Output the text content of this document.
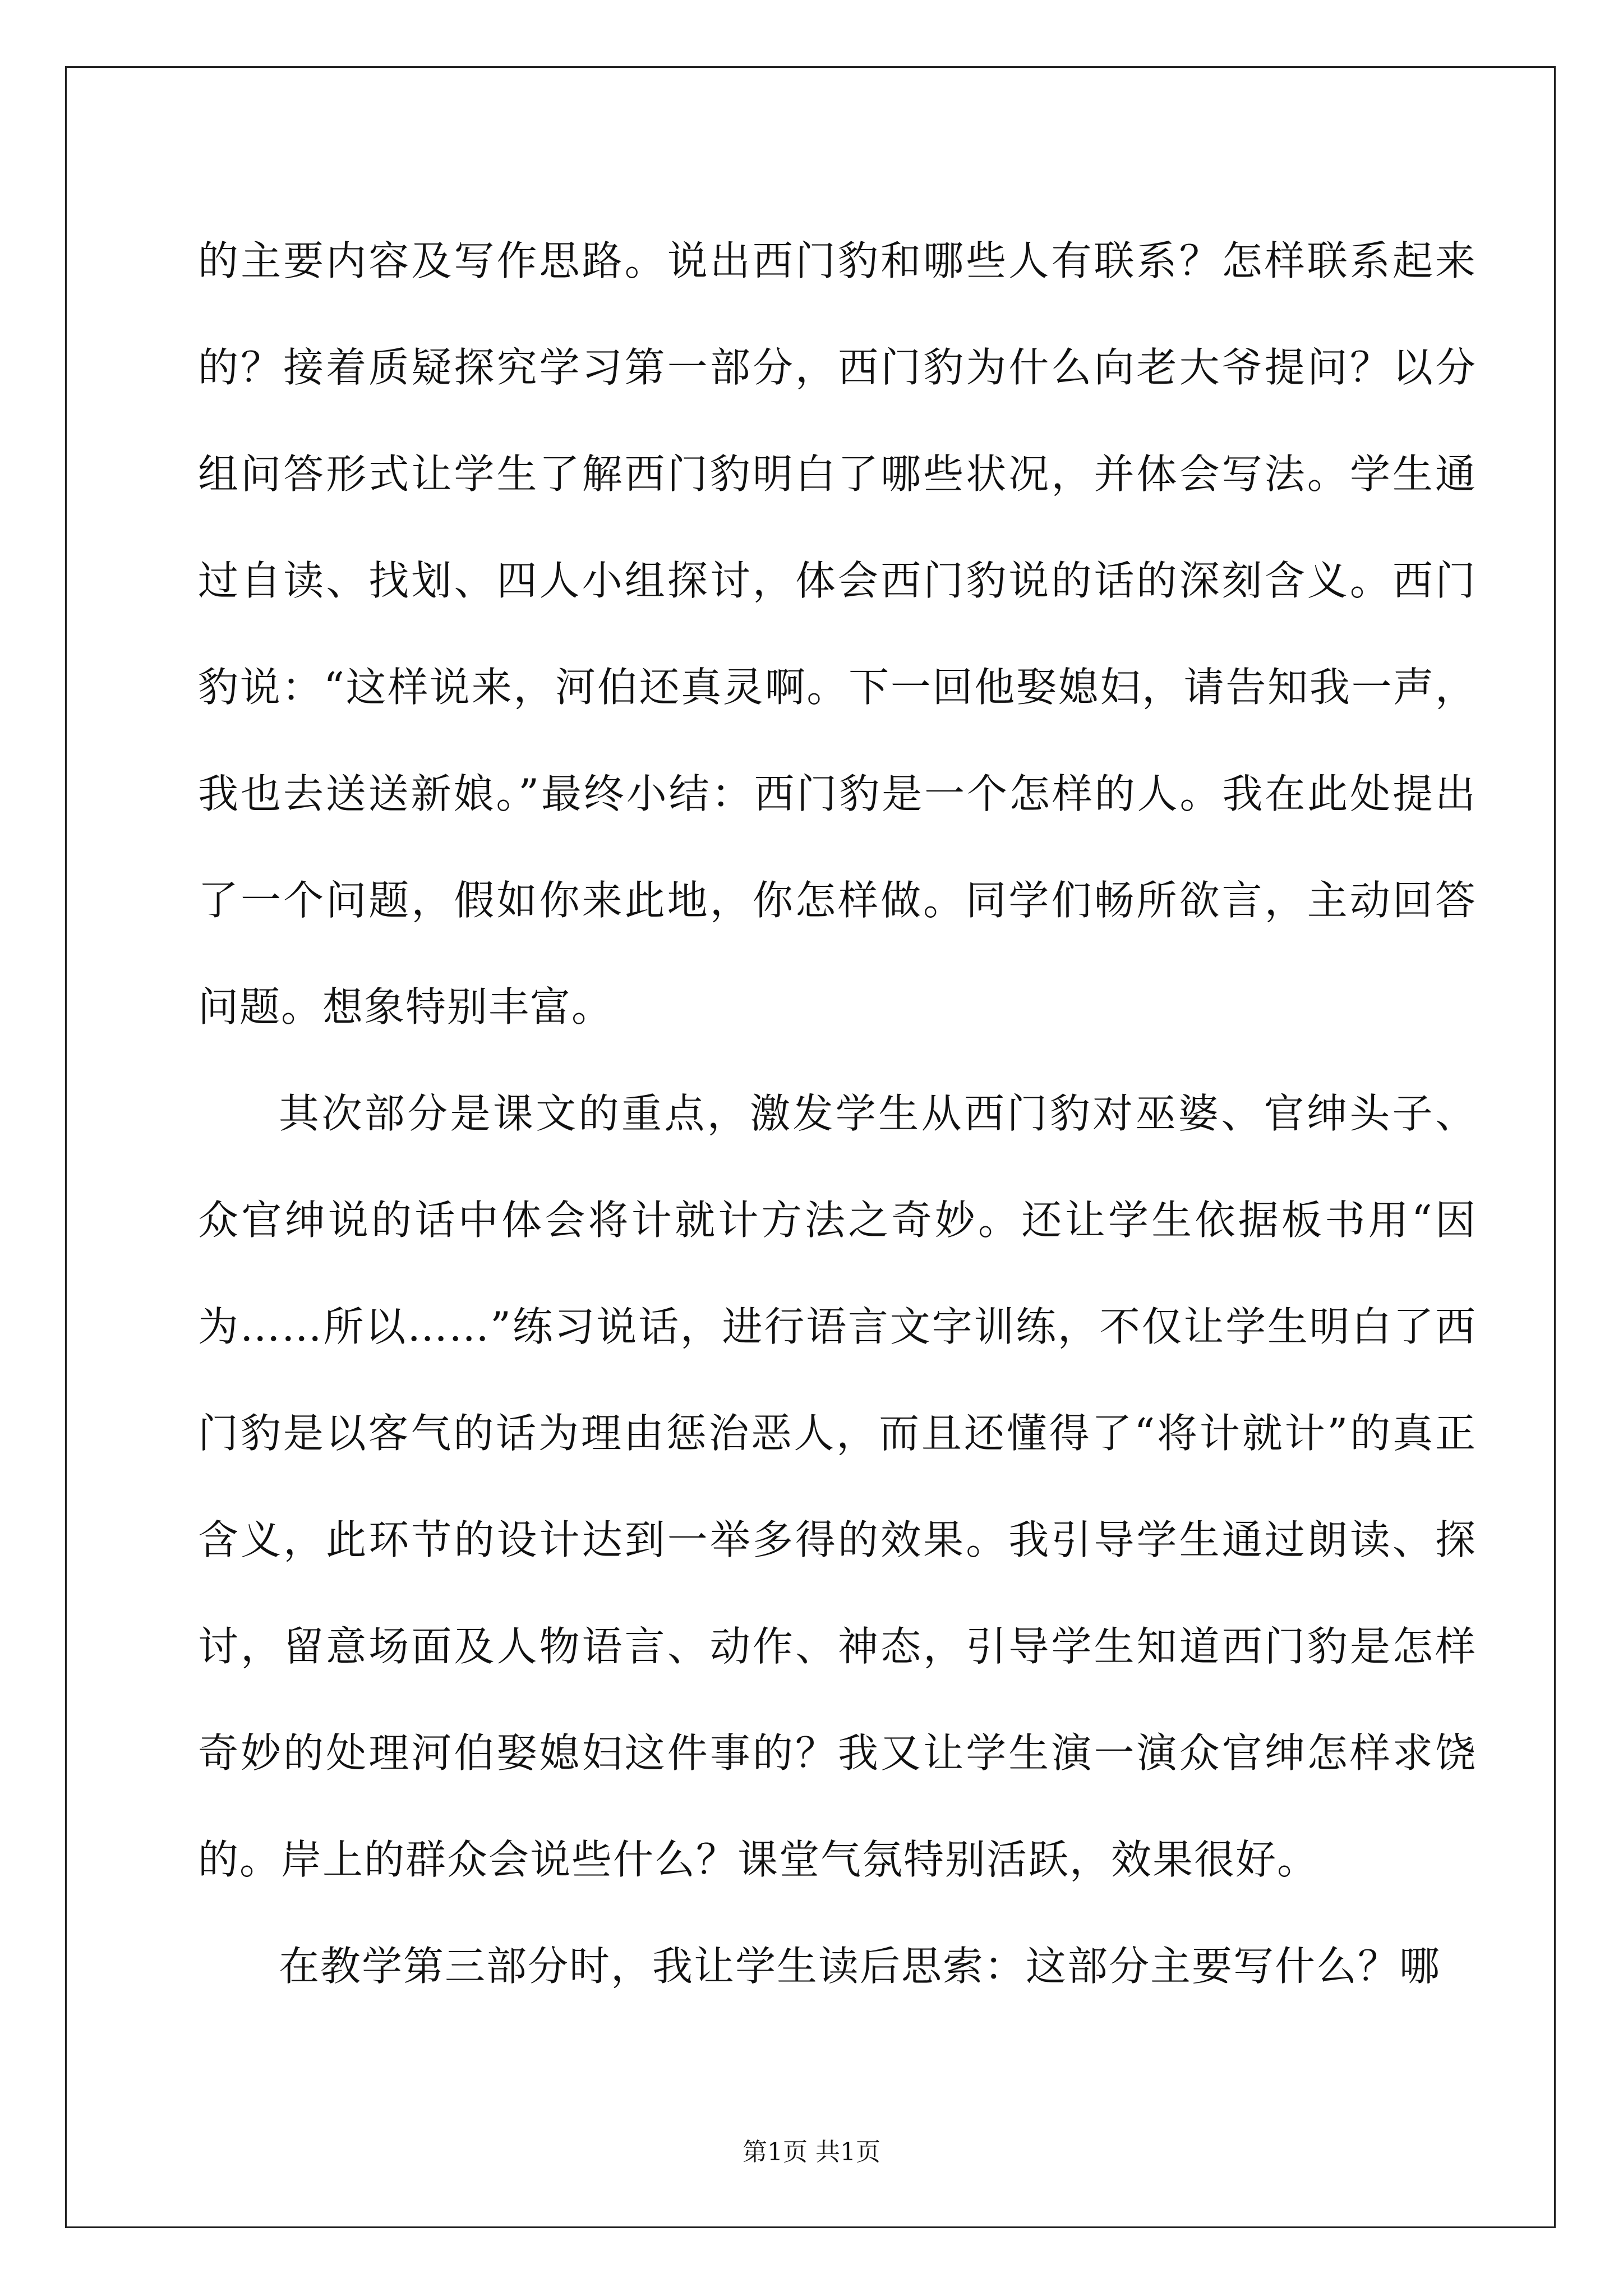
的主要内容及写作思路。说出西门豹和哪些人有联系？怎样联系起来的？接着质疑探究学习第一部分，西门豹为什么向老大爷提问？以分组问答形式让学生了解西门豹明白了哪些状况，并体会写法。学生通过自读、找划、四人小组探讨，体会西门豹说的话的深刻含义。西门豹说：“这样说来，河伯还真灵啊。下一回他娶媳妇，请告知我一声，我也去送送新娘。”最终小结：西门豹是一个怎样的人。我在此处提出了一个问题，假如你来此地，你怎样做。同学们畅所欲言，主动回答问题。想象特别丰富。

其次部分是课文的重点，激发学生从西门豹对巫婆、官绅头子、众官绅说的话中体会将计就计方法之奇妙。还让学生依据板书用“因为……所以……”练习说话，进行语言文字训练，不仅让学生明白了西门豹是以客气的话为理由惩治恶人，而且还懂得了“将计就计”的真正含义，此环节的设计达到一举多得的效果。我引导学生通过朗读、探讨，留意场面及人物语言、动作、神态，引导学生知道西门豹是怎样奇妙的处理河伯娶媳妇这件事的？我又让学生演一演众官绅怎样求饶的。岸上的群众会说些什么？课堂气氛特别活跃，效果很好。

在教学第三部分时，我让学生读后思索：这部分主要写什么？哪

第1页 共1页
